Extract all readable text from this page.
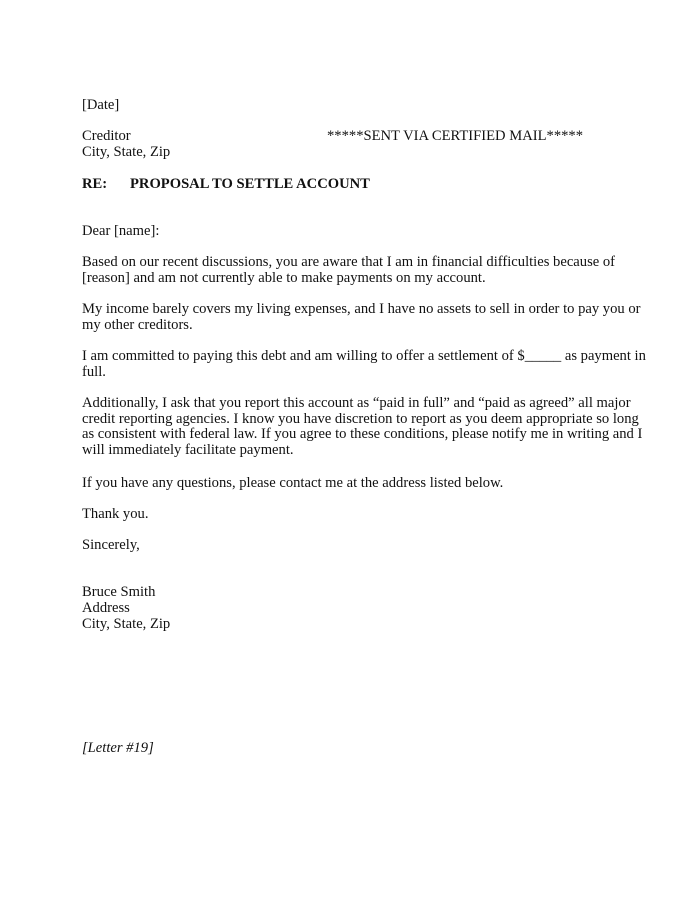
[Date]
Creditor	*****SENT VIA CERTIFIED MAIL*****
City, State, Zip
RE: PROPOSAL TO SETTLE ACCOUNT
Dear [name]:
Based on our recent discussions, you are aware that I am in financial difficulties because of
[reason] and am not currently able to make payments on my account.
My income barely covers my living expenses, and I have no assets to sell in order to pay you or
my other creditors.
I am committed to paying this debt and am willing to offer a settlement of $_____ as payment in
full.
Additionally, I ask that you report this account as “paid in full” and “paid as agreed” all major
credit reporting agencies. I know you have discretion to report as you deem appropriate so long
as consistent with federal law. If you agree to these conditions, please notify me in writing and I
will immediately facilitate payment.
If you have any questions, please contact me at the address listed below.
Thank you.
Sincerely,
Bruce Smith
Address
City, State, Zip
[Letter #19]
